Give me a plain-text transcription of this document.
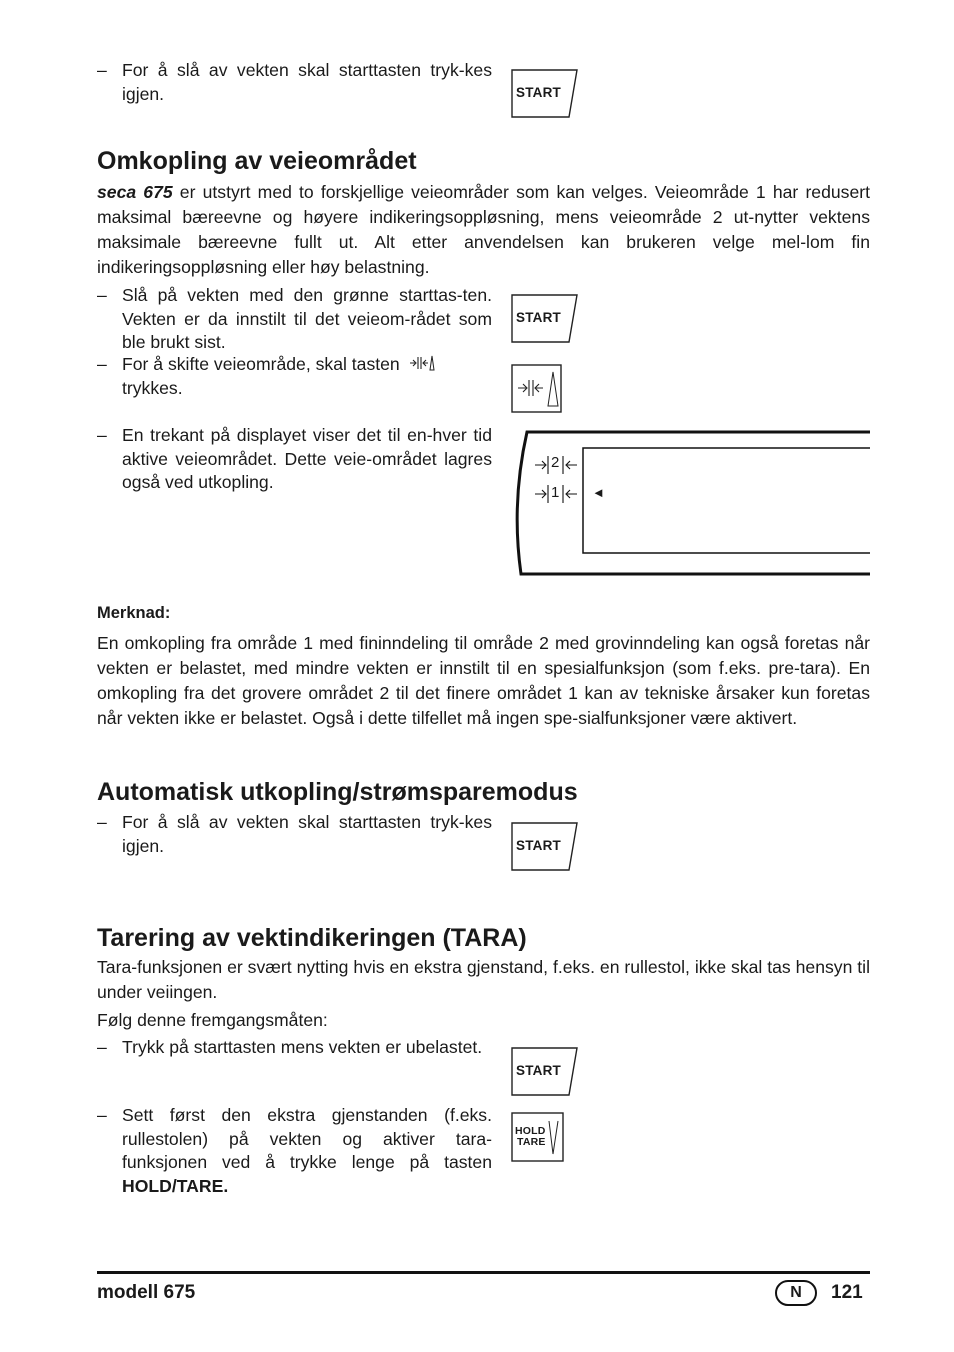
– For å slå av vekten skal starttasten tryk-kes igjen.	START
Omkopling av veieområdet
seca 675 er utstyrt med to forskjellige veieområder som kan velges. Veieområde 1 har redusert maksimal bæreevne og høyere indikeringsoppløsning, mens veieområde 2 ut-nytter vektens maksimale bæreevne fullt ut. Alt etter anvendelsen kan brukeren velge mel-lom fin indikeringsoppløsning eller høy belastning.
– Slå på vekten med den grønne starttas-ten. Vekten er da innstilt til det veieom-rådet som ble brukt sist.
START
– For å skifte veieområde, skal tasten
trykkes.
– En trekant på displayet viser det til en-hver tid aktive veieområdet. Dette veie-området lagres også ved utkopling.
2
1	◄
Merknad:
En omkopling fra område 1 med fininndeling til område 2 med grovinndeling kan også foretas når vekten er belastet, med mindre vekten er innstilt til en spesialfunksjon (som f.eks. pre-tara). En omkopling fra det grovere området 2 til det finere området 1 kan av tekniske årsaker kun foretas når vekten ikke er belastet. Også i dette tilfellet må ingen spe-sialfunksjoner være aktivert.
Automatisk utkopling/strømsparemodus
– For å slå av vekten skal starttasten tryk-kes igjen.	START
Tarering av vektindikeringen (TARA)
Tara-funksjonen er svært nytting hvis en ekstra gjenstand, f.eks. en rullestol, ikke skal tas hensyn til under veiingen.
Følg denne fremgangsmåten:
– Trykk på starttasten mens vekten er ubelastet.
START
– Sett først den ekstra gjenstanden (f.eks. rullestolen) på vekten og aktiver tara-funksjonen ved å trykke lenge på tasten HOLD/TARE.
HOLD
TARE
modell 675	N	121
